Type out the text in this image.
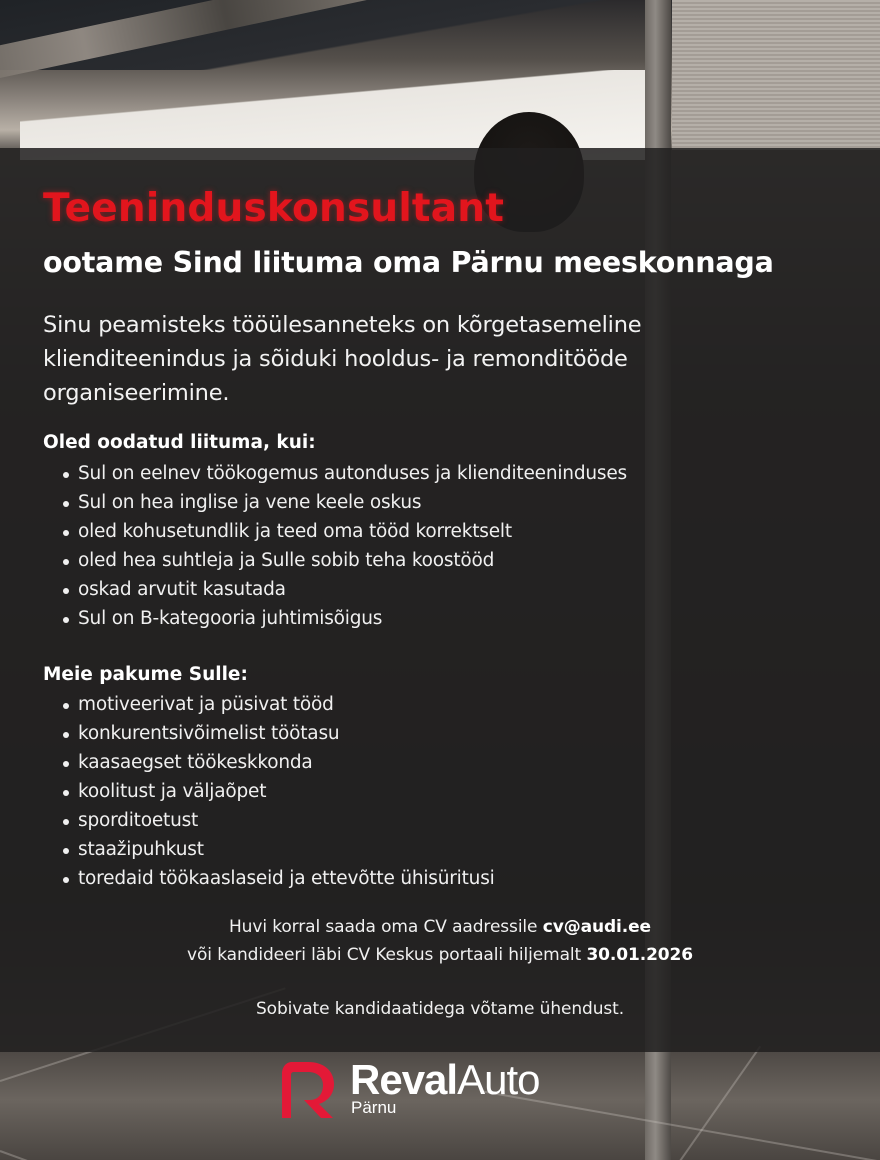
Teeninduskonsultant
ootame Sind liituma oma Pärnu meeskonnaga
Sinu peamisteks tööülesanneteks on kõrgetasemeline
klienditeenindus ja sõiduki hooldus- ja remonditööde
organiseerimine.
Oled oodatud liituma, kui:
Sul on eelnev töökogemus autonduses ja klienditeeninduses
Sul on hea inglise ja vene keele oskus
oled kohusetundlik ja teed oma tööd korrektselt
oled hea suhtleja ja Sulle sobib teha koostööd
oskad arvutit kasutada
Sul on B-kategooria juhtimisõigus
Meie pakume Sulle:
motiveerivat ja püsivat tööd
konkurentsivõimelist töötasu
kaasaegset töökeskkonda
koolitust ja väljaõpet
sporditoetust
staažipuhkust
toredaid töökaaslaseid ja ettevõtte ühisüritusi
Huvi korral saada oma CV aadressile cv@audi.ee
või kandideeri läbi CV Keskus portaali hiljemalt 30.01.2026
Sobivate kandidaatidega võtame ühendust.
RevalAuto
Pärnu
